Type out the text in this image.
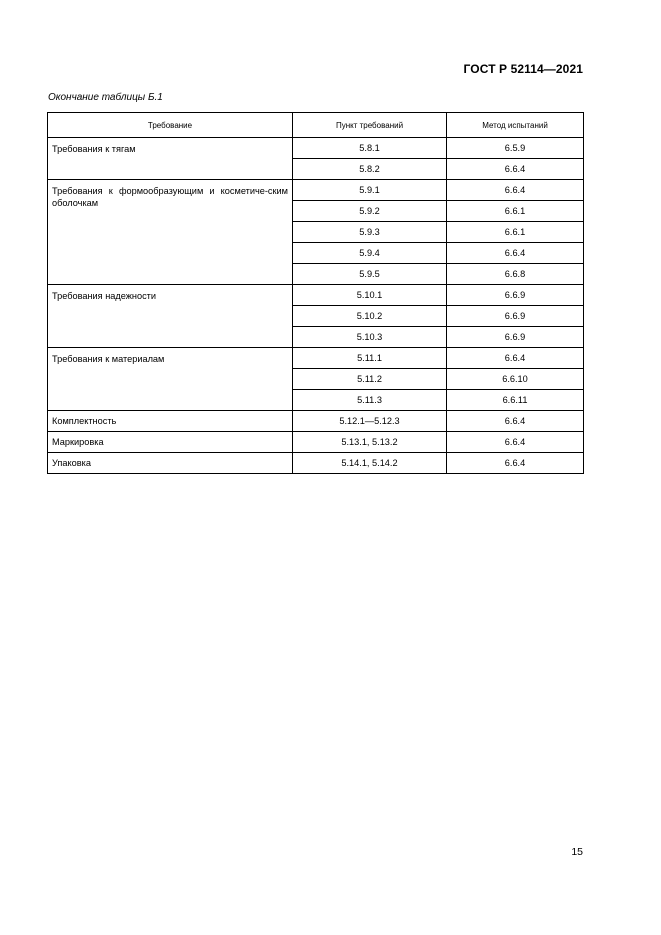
ГОСТ Р 52114—2021
Окончание таблицы Б.1
Требование	Пункт требований	Метод испытаний
Требования к тягам	5.8.1	6.5.9
	5.8.2	6.6.4
Требования к формообразующим и косметиче-ским оболочкам	5.9.1	6.6.4
	5.9.2	6.6.1
	5.9.3	6.6.1
	5.9.4	6.6.4
	5.9.5	6.6.8
Требования надежности	5.10.1	6.6.9
	5.10.2	6.6.9
	5.10.3	6.6.9
Требования к материалам	5.11.1	6.6.4
	5.11.2	6.6.10
	5.11.3	6.6.11
Комплектность	5.12.1—5.12.3	6.6.4
Маркировка	5.13.1, 5.13.2	6.6.4
Упаковка	5.14.1, 5.14.2	6.6.4
15
